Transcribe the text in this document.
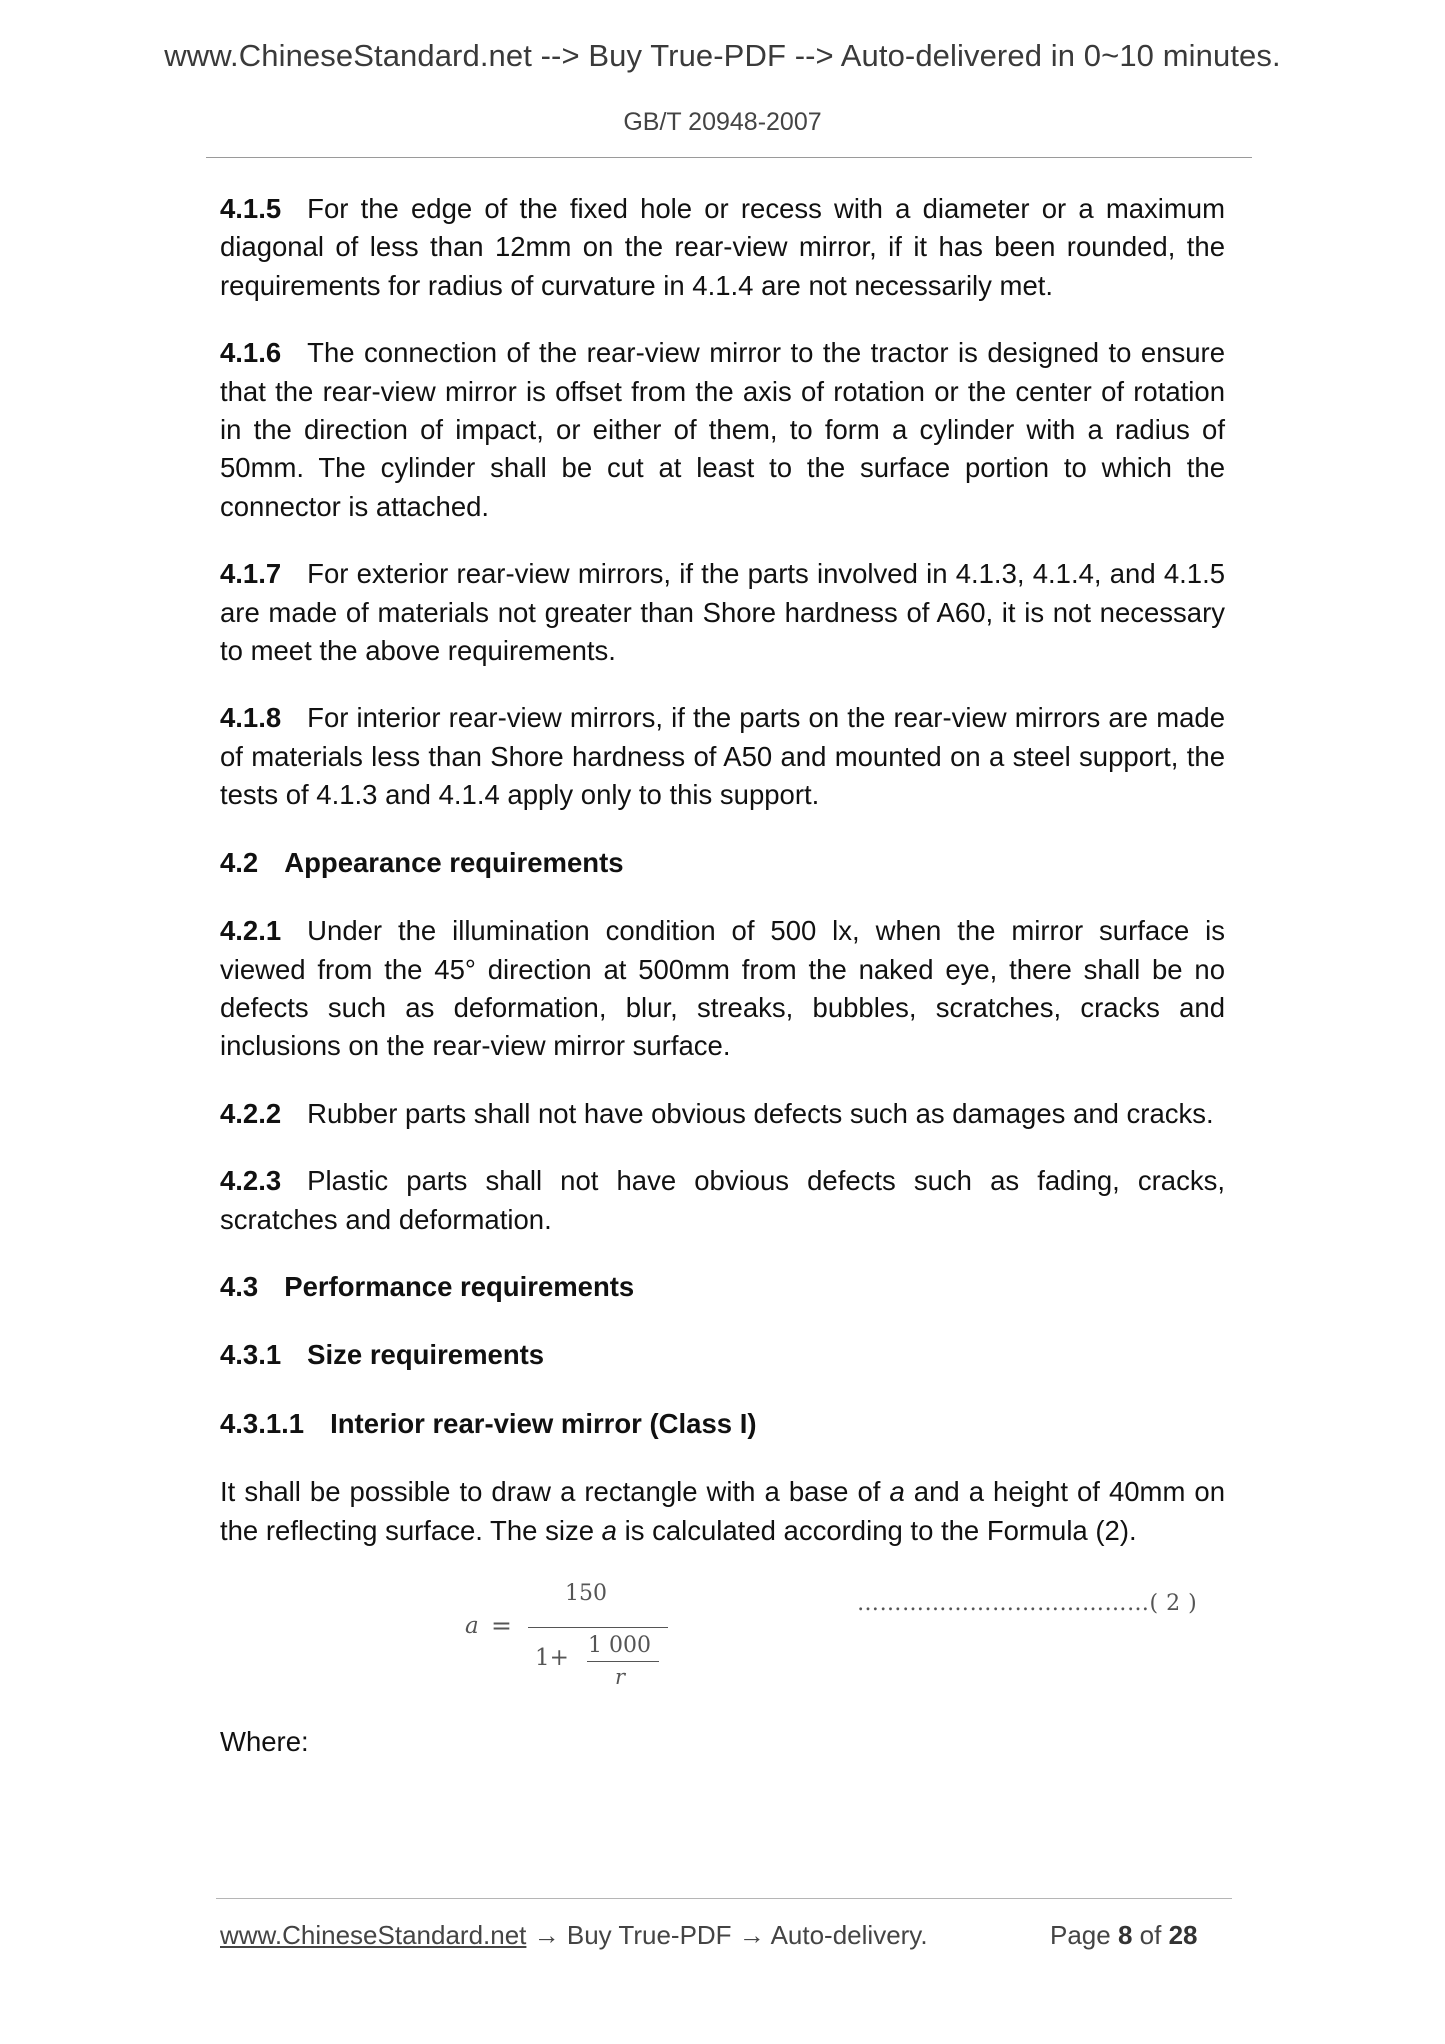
www.ChineseStandard.net --> Buy True-PDF --> Auto-delivered in 0~10 minutes.
GB/T 20948-2007

4.1.5 For the edge of the fixed hole or recess with a diameter or a maximum diagonal of less than 12mm on the rear-view mirror, if it has been rounded, the requirements for radius of curvature in 4.1.4 are not necessarily met.

4.1.6 The connection of the rear-view mirror to the tractor is designed to ensure that the rear-view mirror is offset from the axis of rotation or the center of rotation in the direction of impact, or either of them, to form a cylinder with a radius of 50mm. The cylinder shall be cut at least to the surface portion to which the connector is attached.

4.1.7 For exterior rear-view mirrors, if the parts involved in 4.1.3, 4.1.4, and 4.1.5 are made of materials not greater than Shore hardness of A60, it is not necessary to meet the above requirements.

4.1.8 For interior rear-view mirrors, if the parts on the rear-view mirrors are made of materials less than Shore hardness of A50 and mounted on a steel support, the tests of 4.1.3 and 4.1.4 apply only to this support.

4.2 Appearance requirements

4.2.1 Under the illumination condition of 500 lx, when the mirror surface is viewed from the 45° direction at 500mm from the naked eye, there shall be no defects such as deformation, blur, streaks, bubbles, scratches, cracks and inclusions on the rear-view mirror surface.

4.2.2 Rubber parts shall not have obvious defects such as damages and cracks.

4.2.3 Plastic parts shall not have obvious defects such as fading, cracks, scratches and deformation.

4.3 Performance requirements
4.3.1 Size requirements
4.3.1.1 Interior rear-view mirror (Class I)

It shall be possible to draw a rectangle with a base of a and a height of 40mm on the reflecting surface. The size a is calculated according to the Formula (2).

a =
150
1+ 1 000
r
…………………………………( 2 )

Where:

www.ChineseStandard.net → Buy True-PDF → Auto-delivery.	Page 8 of 28
